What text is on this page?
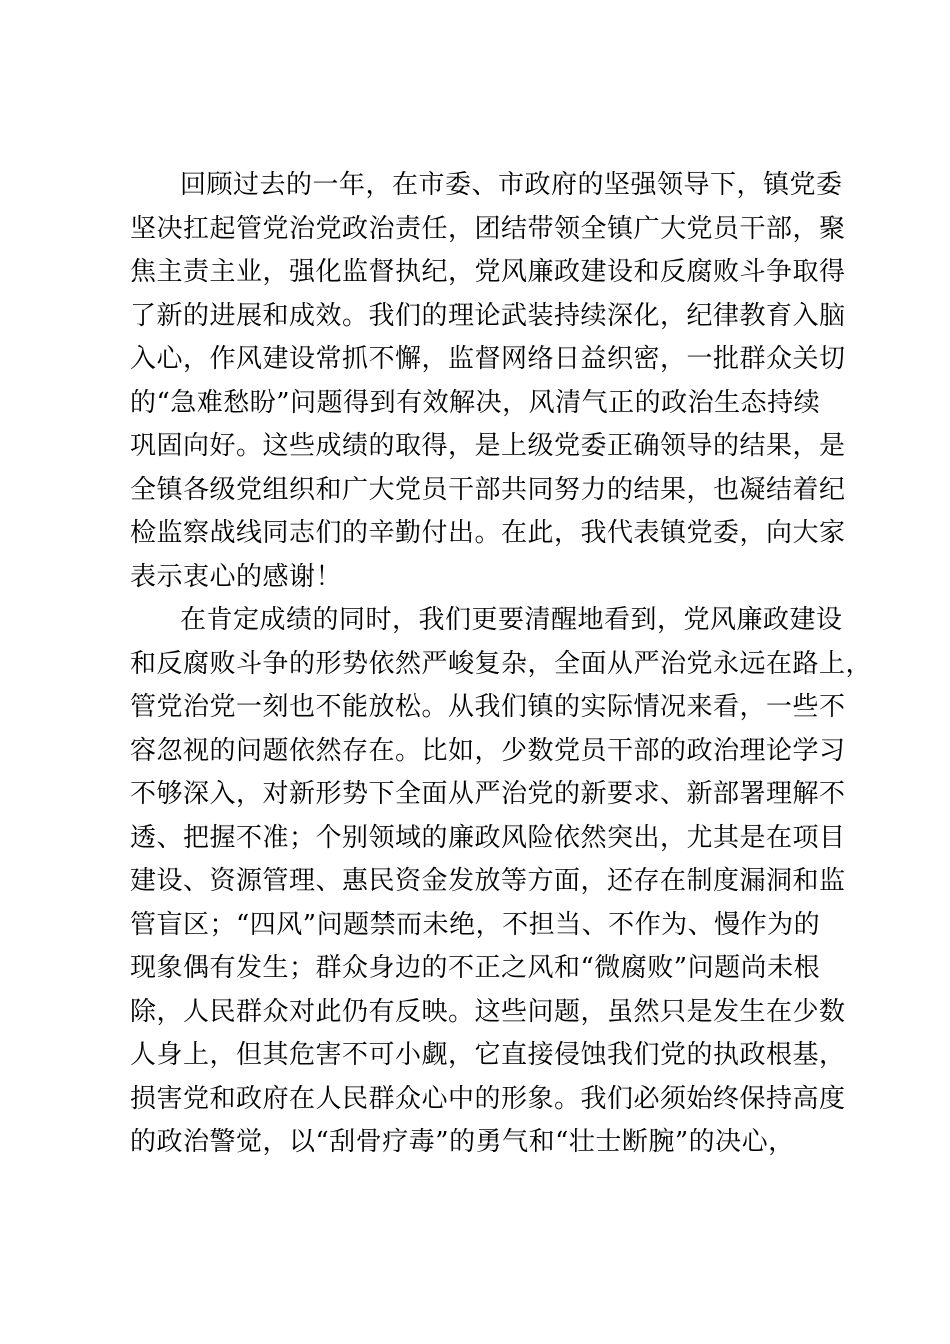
回顾过去的一年，在市委、市政府的坚强领导下，镇党委
坚决扛起管党治党政治责任，团结带领全镇广大党员干部，聚
焦主责主业，强化监督执纪，党风廉政建设和反腐败斗争取得
了新的进展和成效。我们的理论武装持续深化，纪律教育入脑
入心，作风建设常抓不懈，监督网络日益织密，一批群众关切
的“急难愁盼”问题得到有效解决，风清气正的政治生态持续
巩固向好。这些成绩的取得，是上级党委正确领导的结果，是
全镇各级党组织和广大党员干部共同努力的结果，也凝结着纪
检监察战线同志们的辛勤付出。在此，我代表镇党委，向大家
表示衷心的感谢！
在肯定成绩的同时，我们更要清醒地看到，党风廉政建设
和反腐败斗争的形势依然严峻复杂，全面从严治党永远在路上，
管党治党一刻也不能放松。从我们镇的实际情况来看，一些不
容忽视的问题依然存在。比如，少数党员干部的政治理论学习
不够深入，对新形势下全面从严治党的新要求、新部署理解不
透、把握不准；个别领域的廉政风险依然突出，尤其是在项目
建设、资源管理、惠民资金发放等方面，还存在制度漏洞和监
管盲区；“四风”问题禁而未绝，不担当、不作为、慢作为的
现象偶有发生；群众身边的不正之风和“微腐败”问题尚未根
除，人民群众对此仍有反映。这些问题，虽然只是发生在少数
人身上，但其危害不可小觑，它直接侵蚀我们党的执政根基，
损害党和政府在人民群众心中的形象。我们必须始终保持高度
的政治警觉，以“刮骨疗毒”的勇气和“壮士断腕”的决心，
